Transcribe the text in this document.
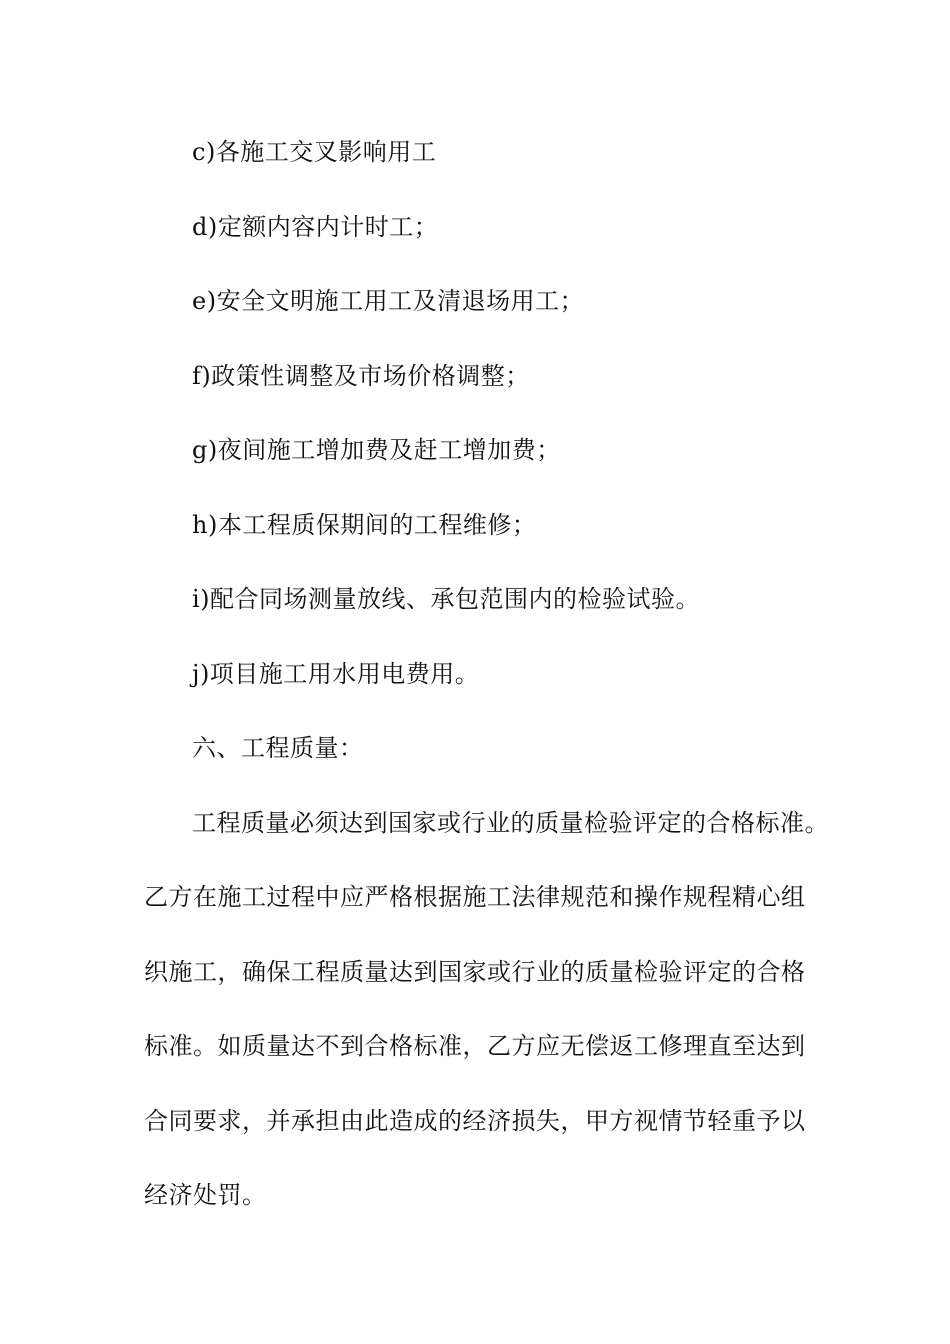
c)各施工交叉影响用工
d)定额内容内计时工；
e)安全文明施工用工及清退场用工；
f)政策性调整及市场价格调整；
g)夜间施工增加费及赶工增加费；
h)本工程质保期间的工程维修；
i)配合同场测量放线、承包范围内的检验试验。
j)项目施工用水用电费用。
六、工程质量：
工程质量必须达到国家或行业的质量检验评定的合格标准。
乙方在施工过程中应严格根据施工法律规范和操作规程精心组
织施工，确保工程质量达到国家或行业的质量检验评定的合格
标准。如质量达不到合格标准，乙方应无偿返工修理直至达到
合同要求，并承担由此造成的经济损失，甲方视情节轻重予以
经济处罚。
